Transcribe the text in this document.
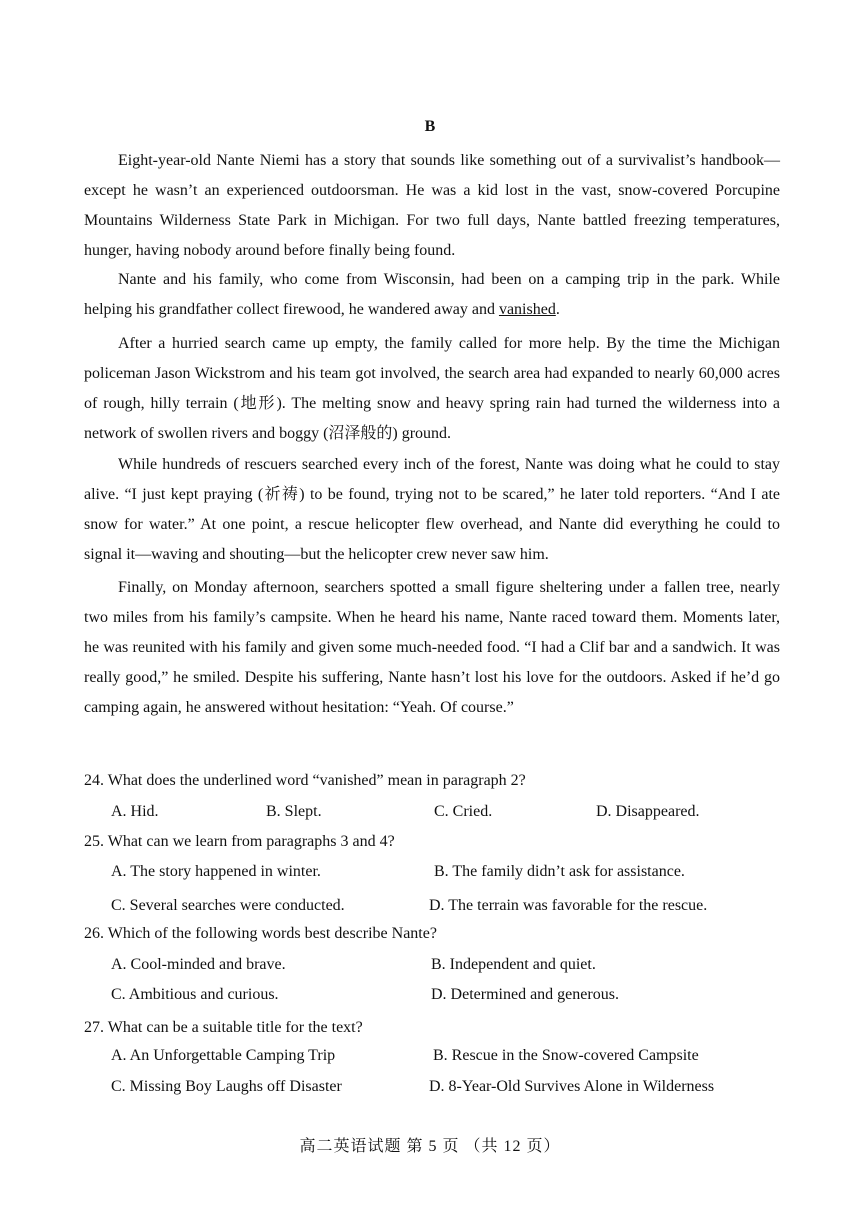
B

Eight-year-old Nante Niemi has a story that sounds like something out of a survivalist’s handbook—except he wasn’t an experienced outdoorsman. He was a kid lost in the vast, snow-covered Porcupine Mountains Wilderness State Park in Michigan. For two full days, Nante battled freezing temperatures, hunger, having nobody around before finally being found.

Nante and his family, who come from Wisconsin, had been on a camping trip in the park. While helping his grandfather collect firewood, he wandered away and vanished.

After a hurried search came up empty, the family called for more help. By the time the Michigan policeman Jason Wickstrom and his team got involved, the search area had expanded to nearly 60,000 acres of rough, hilly terrain (地形). The melting snow and heavy spring rain had turned the wilderness into a network of swollen rivers and boggy (沼泽般的) ground.

While hundreds of rescuers searched every inch of the forest, Nante was doing what he could to stay alive. “I just kept praying (祈祷) to be found, trying not to be scared,” he later told reporters. “And I ate snow for water.” At one point, a rescue helicopter flew overhead, and Nante did everything he could to signal it—waving and shouting—but the helicopter crew never saw him.

Finally, on Monday afternoon, searchers spotted a small figure sheltering under a fallen tree, nearly two miles from his family’s campsite. When he heard his name, Nante raced toward them. Moments later, he was reunited with his family and given some much-needed food. “I had a Clif bar and a sandwich. It was really good,” he smiled. Despite his suffering, Nante hasn’t lost his love for the outdoors. Asked if he’d go camping again, he answered without hesitation: “Yeah. Of course.”

24. What does the underlined word “vanished” mean in paragraph 2?
A. Hid.	B. Slept.	C. Cried.	D. Disappeared.
25. What can we learn from paragraphs 3 and 4?
A. The story happened in winter.	B. The family didn’t ask for assistance.
C. Several searches were conducted.	D. The terrain was favorable for the rescue.
26. Which of the following words best describe Nante?
A. Cool-minded and brave.	B. Independent and quiet.
C. Ambitious and curious.	D. Determined and generous.
27. What can be a suitable title for the text?
A. An Unforgettable Camping Trip	B. Rescue in the Snow-covered Campsite
C. Missing Boy Laughs off Disaster	D. 8-Year-Old Survives Alone in Wilderness
高二英语试题 第 5 页 （共 12 页）
